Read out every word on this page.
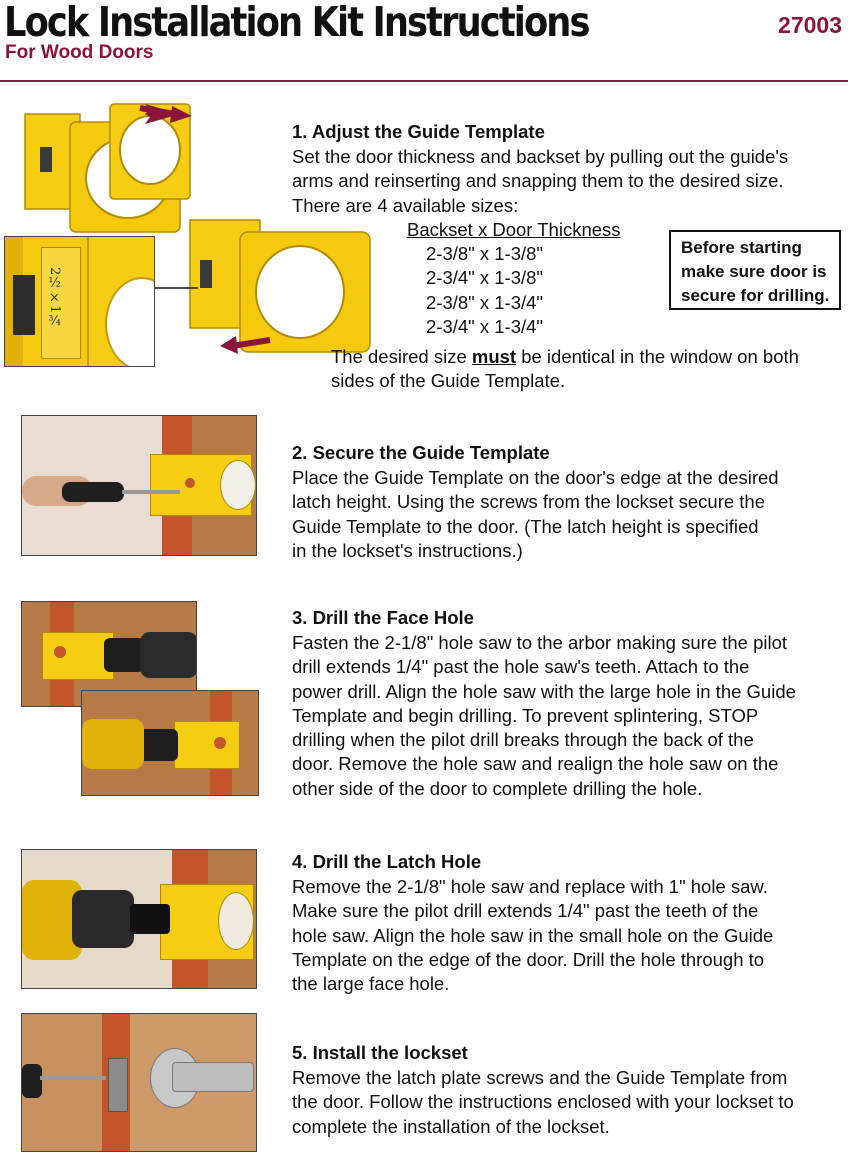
Lock Installation Kit Instructions
For Wood Doors
27003
2½×1¾
1. Adjust the Guide Template
Set the door thickness and backset by pulling out the guide's
arms and reinserting and snapping them to the desired size.
There are 4 available sizes:
Backset x Door Thickness
2-3/8" x 1-3/8"
2-3/4" x 1-3/8"
2-3/8" x 1-3/4"
2-3/4" x 1-3/4"
The desired size must be identical in the window on both
sides of the Guide Template.
Before starting
make sure door is
secure for drilling.
2. Secure the Guide Template
Place the Guide Template on the door's edge at the desired
latch height. Using the screws from the lockset secure the
Guide Template to the door. (The latch height is specified
in the lockset's instructions.)
3. Drill the Face Hole
Fasten the 2-1/8" hole saw to the arbor making sure the pilot
drill extends 1/4" past the hole saw's teeth. Attach to the
power drill. Align the hole saw with the large hole in the Guide
Template and begin drilling. To prevent splintering, STOP
drilling when the pilot drill breaks through the back of the
door. Remove the hole saw and realign the hole saw on the
other side of the door to complete drilling the hole.
4. Drill the Latch Hole
Remove the 2-1/8" hole saw and replace with 1" hole saw.
Make sure the pilot drill extends 1/4" past the teeth of the
hole saw. Align the hole saw in the small hole on the Guide
Template on the edge of the door. Drill the hole through to
the large face hole.
5. Install the lockset
Remove the latch plate screws and the Guide Template from
the door. Follow the instructions enclosed with your lockset to
complete the installation of the lockset.
